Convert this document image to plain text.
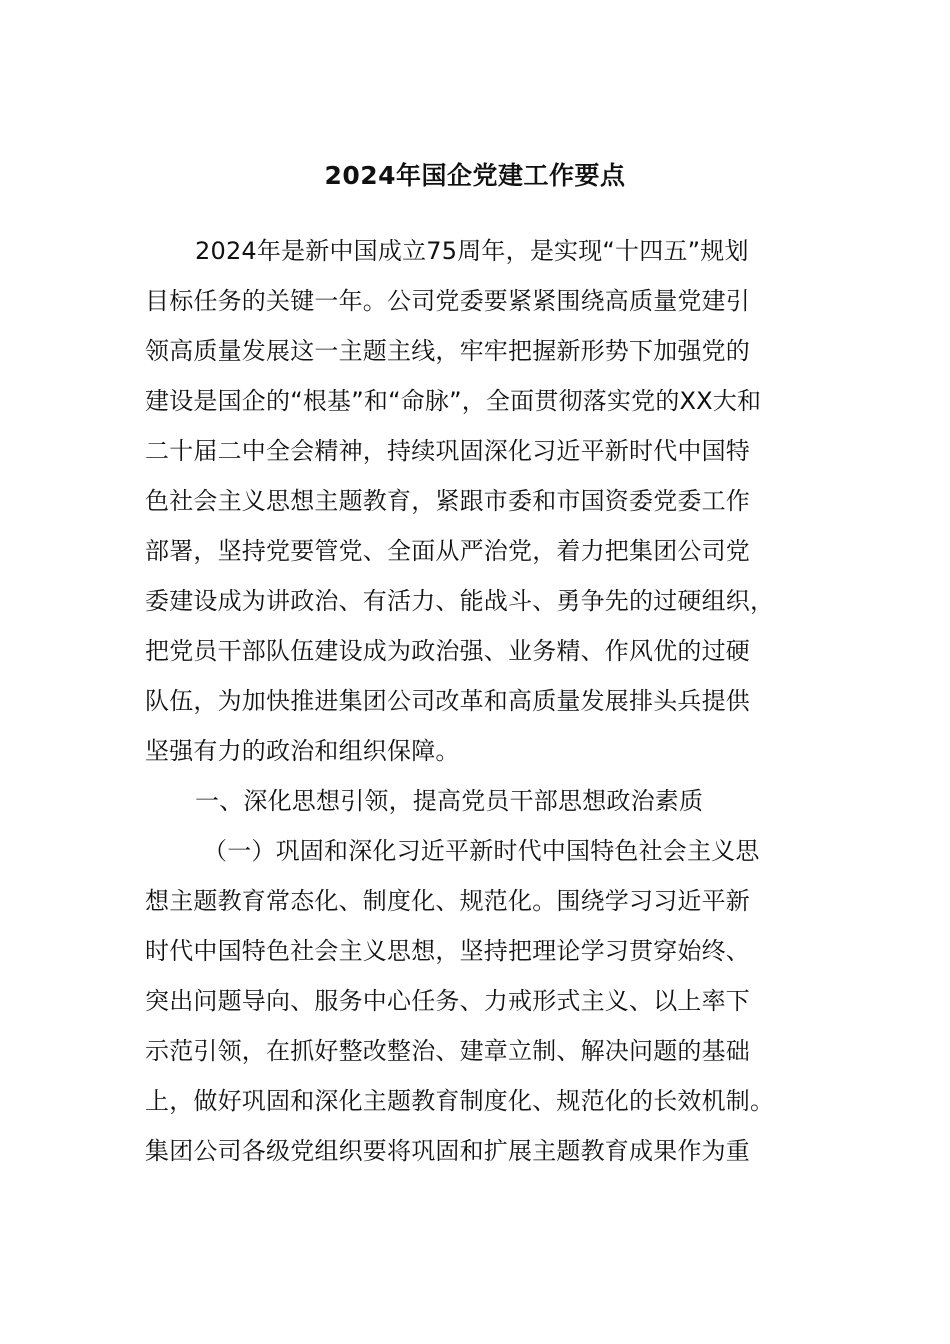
2024年国企党建工作要点
2024年是新中国成立75周年，是实现“十四五”规划
目标任务的关键一年。公司党委要紧紧围绕高质量党建引
领高质量发展这一主题主线，牢牢把握新形势下加强党的
建设是国企的“根基”和“命脉”，全面贯彻落实党的XX大和
二十届二中全会精神，持续巩固深化习近平新时代中国特
色社会主义思想主题教育，紧跟市委和市国资委党委工作
部署，坚持党要管党、全面从严治党，着力把集团公司党
委建设成为讲政治、有活力、能战斗、勇争先的过硬组织，
把党员干部队伍建设成为政治强、业务精、作风优的过硬
队伍，为加快推进集团公司改革和高质量发展排头兵提供
坚强有力的政治和组织保障。
一、深化思想引领，提高党员干部思想政治素质
（一）巩固和深化习近平新时代中国特色社会主义思
想主题教育常态化、制度化、规范化。围绕学习习近平新
时代中国特色社会主义思想，坚持把理论学习贯穿始终、
突出问题导向、服务中心任务、力戒形式主义、以上率下
示范引领，在抓好整改整治、建章立制、解决问题的基础
上，做好巩固和深化主题教育制度化、规范化的长效机制。
集团公司各级党组织要将巩固和扩展主题教育成果作为重
